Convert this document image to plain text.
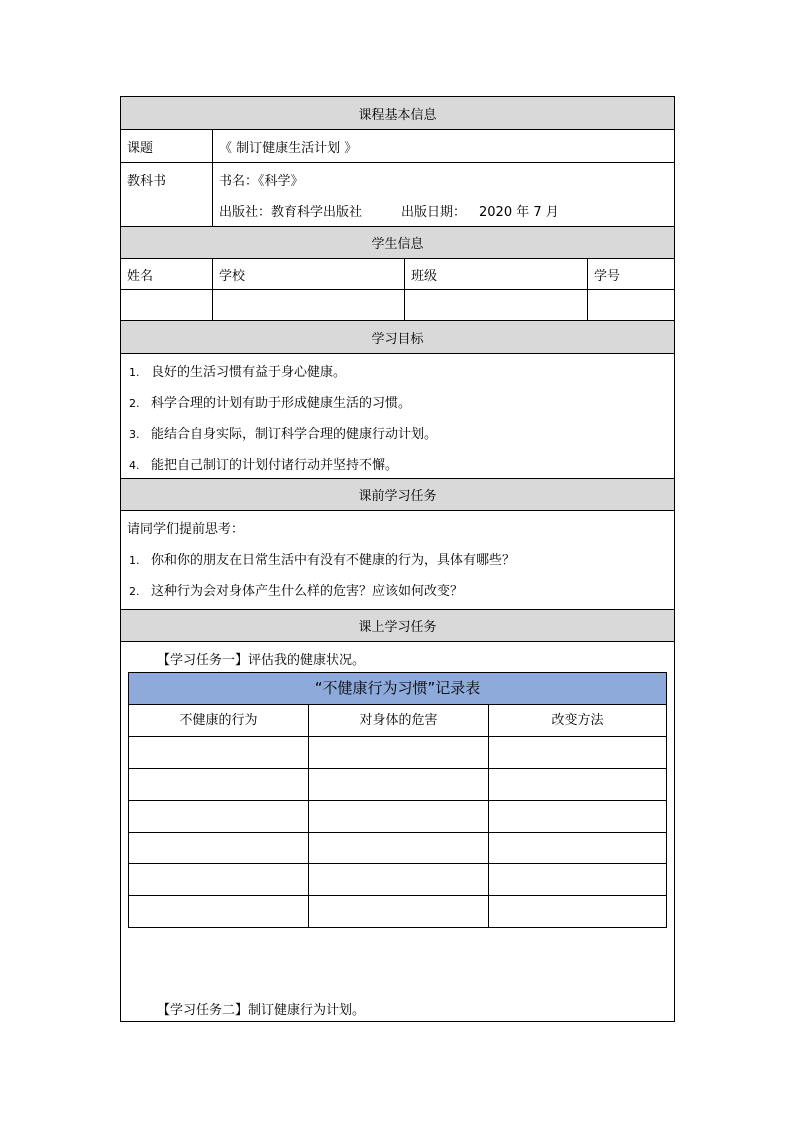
课程基本信息
课题	《 制订健康生活计划 》
教科书	书名：《科学》
出版社：教育科学出版社	出版日期： 2020 年 7 月
学生信息
姓名	学校	班级	学号
学习目标
1. 良好的生活习惯有益于身心健康。
2. 科学合理的计划有助于形成健康生活的习惯。
3. 能结合自身实际，制订科学合理的健康行动计划。
4. 能把自己制订的计划付诸行动并坚持不懈。
课前学习任务
请同学们提前思考：
1. 你和你的朋友在日常生活中有没有不健康的行为，具体有哪些？
2. 这种行为会对身体产生什么样的危害？应该如何改变？
课上学习任务
【学习任务一】评估我的健康状况。
“不健康行为习惯”记录表
不健康的行为	对身体的危害	改变方法
【学习任务二】制订健康行为计划。
